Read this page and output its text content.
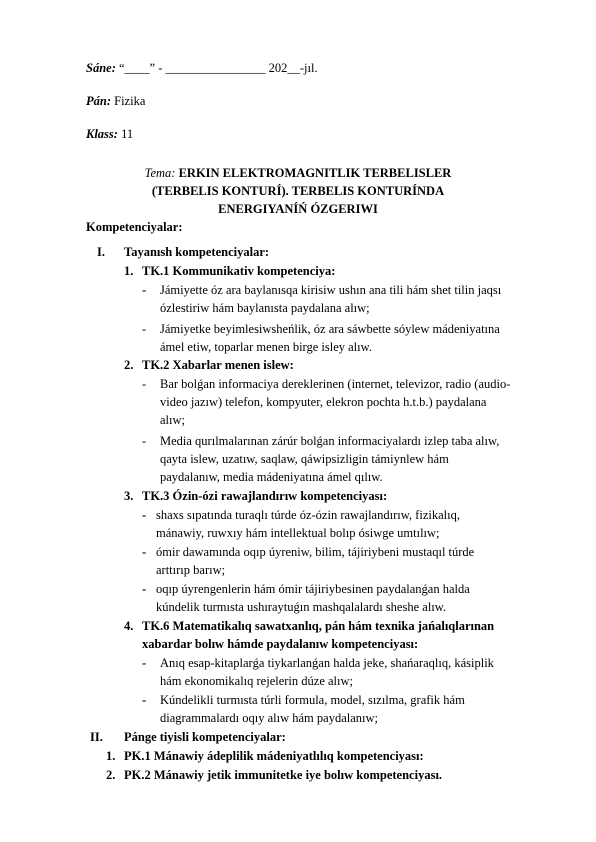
Sáne: “____” - ________________ 202__-jıl.
Pán: Fizika
Klass: 11
Tema: ERKIN ELEKTROMAGNITLIK TERBELISLER
(TERBELIS KONTURÍ). TERBELIS KONTURÍNDA
ENERGIYANÍŃ ÓZGERIWI
Kompetenciyalar:
I. Tayanısh kompetenciyalar:
1. TK.1 Kommunikativ kompetenciya:
- Jámiyette óz ara baylanısqa kirisiw ushın ana tili hám shet tilin jaqsı
ózlestiriw hám baylanısta paydalana alıw;
- Jámiyetke beyimlesiwsheńlik, óz ara sáwbette sóylew mádeniyatına
ámel etiw, toparlar menen birge isley alıw.
2. TK.2 Xabarlar menen islew:
- Bar bolǵan informaciya dereklerinen (internet, televizor, radio (audio-
video jazıw) telefon, kompyuter, elekron pochta h.t.b.) paydalana
alıw;
- Media qurılmalarınan zárúr bolǵan informaciyalardı izlep taba alıw,
qayta islew, uzatıw, saqlaw, qáwipsizligin támiynlew hám
paydalanıw, media mádeniyatına ámel qılıw.
3. TK.3 Ózin-ózi rawajlandırıw kompetenciyası:
- shaxs sıpatında turaqlı túrde óz-ózin rawajlandırıw, fizikalıq,
mánawiy, ruwxıy hám intellektual bolıp ósiwge umtılıw;
- ómir dawamında oqıp úyreniw, bilim, tájiriybeni mustaqıl túrde
arttırıp barıw;
- oqıp úyrengenlerin hám ómir tájiriybesinen paydalanǵan halda
kúndelik turmısta ushıraytuǵın mashqalalardı sheshe alıw.
4. TK.6 Matematikalıq sawatxanlıq, pán hám texnika jańalıqlarınan
xabardar bolıw hámde paydalanıw kompetenciyası:
- Anıq esap-kitaplarǵa tiykarlanǵan halda jeke, shańaraqlıq, kásiplik
hám ekonomikalıq rejelerin dúze alıw;
- Kúndelikli turmısta túrli formula, model, sızılma, grafik hám
diagrammalardı oqıy alıw hám paydalanıw;
II. Pánge tiyisli kompetenciyalar:
1. PK.1 Mánawiy ádeplilik mádeniyatlılıq kompetenciyası:
2. PK.2 Mánawiy jetik immunitetke iye bolıw kompetenciyası.
